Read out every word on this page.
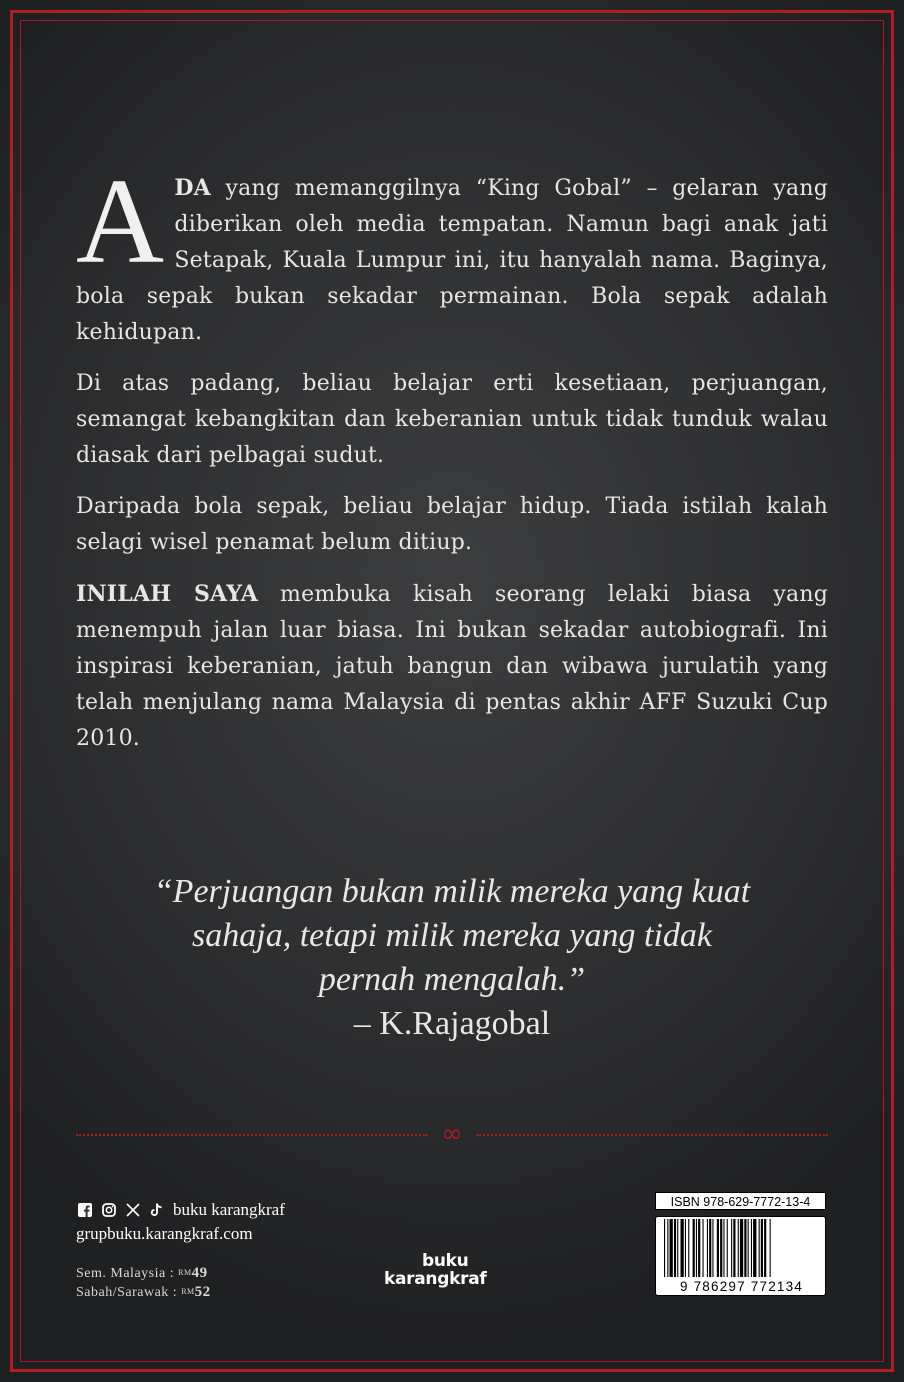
ADA yang memanggilnya “King Gobal” – gelaran yang diberikan oleh media tempatan. Namun bagi anak jati Setapak, Kuala Lumpur ini, itu hanyalah nama. Baginya, bola sepak bukan sekadar permainan. Bola sepak adalah kehidupan.

Di atas padang, beliau belajar erti kesetiaan, perjuangan, semangat kebangkitan dan keberanian untuk tidak tunduk walau diasak dari pelbagai sudut.

Daripada bola sepak, beliau belajar hidup. Tiada istilah kalah selagi wisel penamat belum ditiup.

INILAH SAYA membuka kisah seorang lelaki biasa yang menempuh jalan luar biasa. Ini bukan sekadar autobiografi. Ini inspirasi keberanian, jatuh bangun dan wibawa jurulatih yang telah menjulang nama Malaysia di pentas akhir AFF Suzuki Cup 2010.

“Perjuangan bukan milik mereka yang kuat
sahaja, tetapi milik mereka yang tidak
pernah mengalah.”
– K.Rajagobal
∞
buku karangkraf
grupbuku.karangkraf.com
Sem. Malaysia : $^{RM}$49
Sabah/Sarawak : $^{RM}$52
buku
karangkraf
ISBN 978-629-7772-13-4
9 786297 772134
